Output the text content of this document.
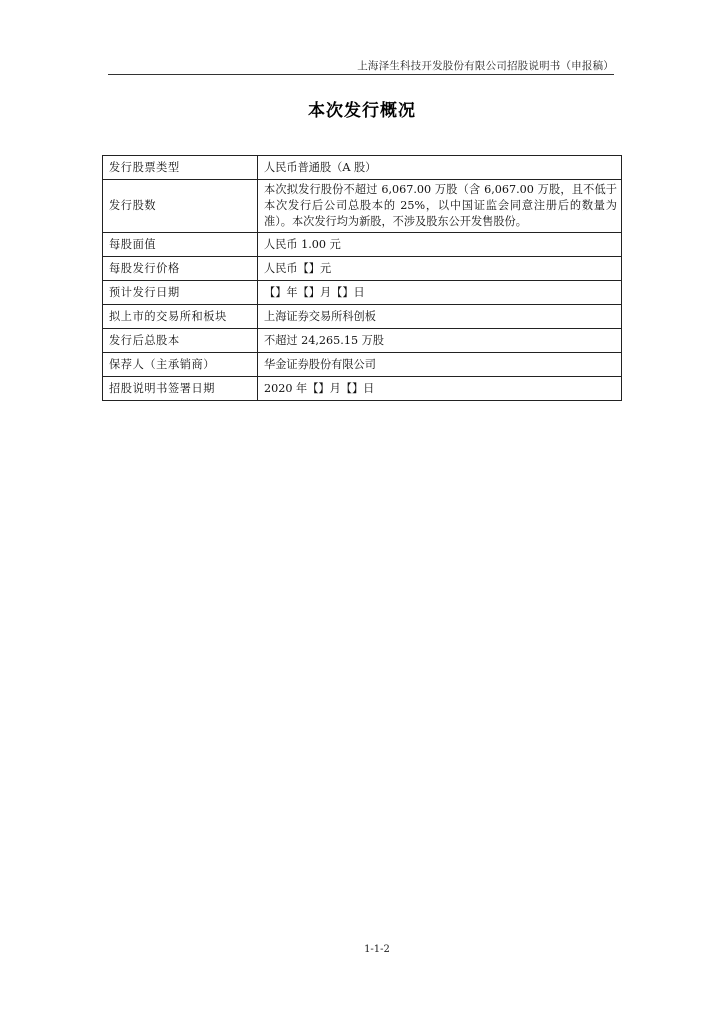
上海泽生科技开发股份有限公司招股说明书（申报稿）
本次发行概况
发行股票类型	人民币普通股（A 股）
发行股数	本次拟发行股份不超过 6,067.00 万股（含 6,067.00 万股，且不低于本次发行后公司总股本的 25%，以中国证监会同意注册后的数量为准）。本次发行均为新股，不涉及股东公开发售股份。
每股面值	人民币 1.00 元
每股发行价格	人民币【】元
预计发行日期	【】年【】月【】日
拟上市的交易所和板块	上海证券交易所科创板
发行后总股本	不超过 24,265.15 万股
保荐人（主承销商）	华金证券股份有限公司
招股说明书签署日期	2020 年【】月【】日
1-1-2
